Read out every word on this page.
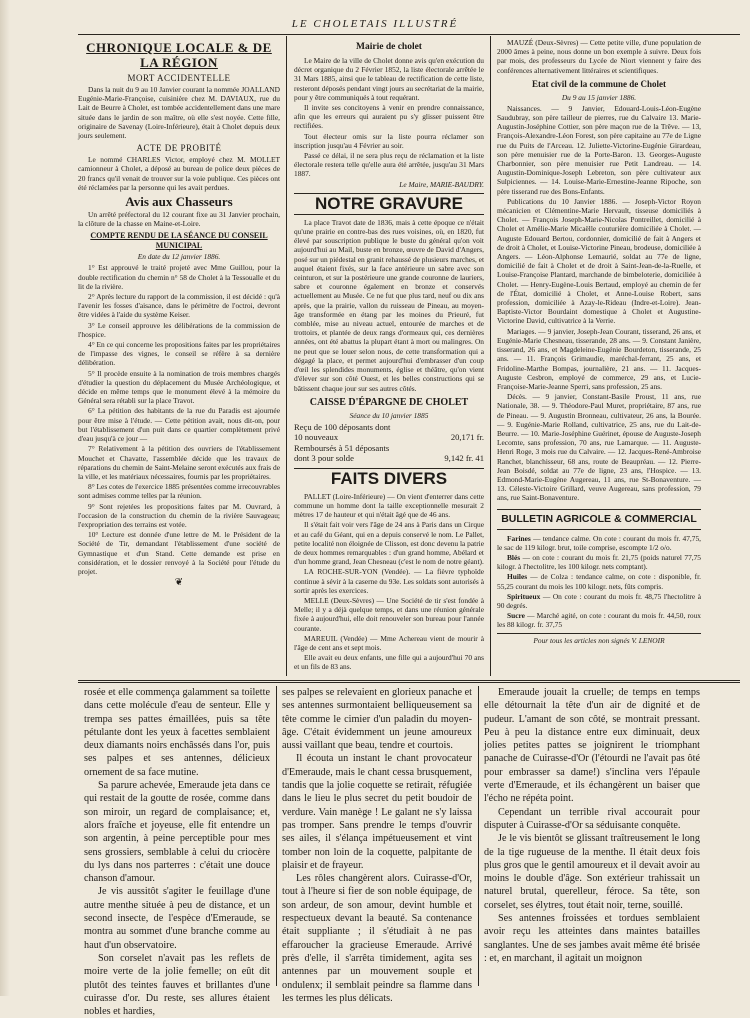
LE CHOLETAIS ILLUSTRÉ
CHRONIQUE LOCALE & DE LA RÉGION
MORT ACCIDENTELLE

Dans la nuit du 9 au 10 Janvier courant la nommée JOALLAND Eugénie-Marie-Françoise, cuisinière chez M. DAVIAUX, rue du Lait de Beurre à Cholet, est tombée accidentellement dans une mare située dans le jardin de son maître, où elle s'est noyée. Cette fille, originaire de Savenay (Loire-Inférieure), était à Cholet depuis deux jours seulement.

ACTE DE PROBITÉ

Le nommé CHARLES Victor, employé chez M. MOLLET camionneur à Cholet, a déposé au bureau de police deux pièces de 20 francs qu'il venait de trouver sur la voie publique. Ces pièces ont été réclamées par la personne qui les avait perdues.

Avis aux Chasseurs

Un arrêté préfectoral du 12 courant fixe au 31 Janvier prochain, la clôture de la chasse en Maine-et-Loire.

COMPTE RENDU DE LA SÉANCE DU CONSEIL MUNICIPAL
En date du 12 janvier 1886.

1° Est approuvé le traité projeté avec Mme Guillou, pour la double rectification du chemin n° 58 de Cholet à la Tessoualle et du lit de la rivière.

2° Après lecture du rapport de la commission, il est décidé : qu'à l'avenir les fosses d'aisance, dans le périmètre de l'octroi, devront être vidées à l'aide du système Keiser.

3° Le conseil approuve les délibérations de la commission de l'hospice.

4° En ce qui concerne les propositions faites par les propriétaires de l'impasse des vignes, le conseil se réfère à sa dernière délibération.

5° Il procède ensuite à la nomination de trois membres chargés d'étudier la question du déplacement du Musée Archéologique, et décide en même temps que le monument élevé à la mémoire du Général sera rétabli sur la place Travot.

6° La pétition des habitants de la rue du Paradis est ajournée pour être mise à l'étude. — Cette pétition avait, nous dit-on, pour but l'établissement d'un puit dans ce quartier complètement privé d'eau jusqu'à ce jour —

7° Relativement à la pétition des ouvriers de l'établissement Mouchet et Chavatte, l'assemblée décide que les travaux de réparations du chemin de Saint-Melaine seront exécutés aux frais de la ville, et les matériaux nécessaires, fournis par les propriétaires.

8° Les cotes de l'exercice 1885 présentées comme irrecouvrables sont admises comme telles par la réunion.

9° Sont rejetées les propositions faites par M. Ouvrard, à l'occasion de la construction du chemin de la rivière Sauvageau; l'expropriation des terrains est votée.

10° Lecture est donnée d'une lettre de M. le Président de la Société de Tir, demandant l'établissement d'une société de Gymnastique et d'un Stand. Cette demande est prise en considération, et le dossier renvoyé à la Société pour l'étude du projet.

❦
Mairie de cholet

Le Maire de la ville de Cholet donne avis qu'en exécution du décret organique du 2 Février 1852, la liste électorale arrêtée le 31 Mars 1885, ainsi que le tableau de rectification de cette liste, resteront déposés pendant vingt jours au secrétariat de la mairie, pour y être communiqués à tout requérant.

Il invite ses concitoyens à venir en prendre connaissance, afin que les erreurs qui auraient pu s'y glisser puissent être rectifiées.

Tout électeur omis sur la liste pourra réclamer son inscription jusqu'au 4 Février au soir.

Passé ce délai, il ne sera plus reçu de réclamation et la liste électorale restera telle qu'elle aura été arrêtée, jusqu'au 31 Mars 1887.

Le Maire, MARIE-BAUDRY.
NOTRE GRAVURE

La place Travot date de 1836, mais à cette époque ce n'était qu'une prairie en contre-bas des rues voisines, où, en 1820, fut élevé par souscription publique le buste du général qu'on voit aujourd'hui au Mail, buste en bronze, œuvre de David d'Angers, posé sur un piédestal en granit rehaussé de plusieurs marches, et auquel étaient fixés, sur la face antérieure un sabre avec son ceinturon, et sur la postérieure une grande couronne de lauriers, sabre et couronne également en bronze et conservés actuellement au Musée. Ce ne fut que plus tard, neuf ou dix ans après, que la prairie, vallon du ruisseau de Pineau, au moyen-âge transformée en étang par les moines du Prieuré, fut comblée, mise au niveau actuel, entourée de marches et de trottoirs, et plantée de deux rangs d'ormeaux qui, ces dernières années, ont été abattus la plupart étant à mort ou malingres. On ne peut que se louer selon nous, de cette transformation qui a dégagé la place, et permet aujourd'hui d'embrasser d'un coup d'œil les splendides monuments, église et théâtre, qu'on vient d'élever sur son côté Ouest, et les belles constructions qui se bâtissent chaque jour sur ses autres côtés.

CAISSE D'ÉPARGNE DE CHOLET
Séance du 10 janvier 1885
Reçu de 100 déposants dont
10 nouveaux	20,171 fr.
Remboursés à 51 déposants
dont 3 pour solde	9,142 fr. 41
FAITS DIVERS

PALLET (Loire-Inférieure) — On vient d'enterrer dans cette commune un homme dont la taille exceptionnelle mesurait 2 mètres 17 de hauteur et qui n'était âgé que de 46 ans.

Il s'était fait voir vers l'âge de 24 ans à Paris dans un Cirque et au café du Géant, qui en a depuis conservé le nom. Le Pallet, petite localité non éloignée de Clisson, est donc devenu la patrie de deux hommes remarquables : d'un grand homme, Abélard et d'un homme grand, Jean Chesneau (c'est le nom de notre géant).

LA ROCHE-SUR-YON (Vendée). — La fièvre typhoïde continue à sévir à la caserne du 93e. Les soldats sont autorisés à sortir après les exercices.

MELLE (Deux-Sèvres) — Une Société de tir s'est fondée à Melle; il y a déjà quelque temps, et dans une réunion générale fixée à aujourd'hui, elle doit renouveler son bureau pour l'année courante.

MAREUIL (Vendée) — Mme Achereau vient de mourir à l'âge de cent ans et sept mois.

Elle avait eu deux enfants, une fille qui a aujourd'hui 70 ans et un fils de 83 ans.

MAUZÉ (Deux-Sèvres) — Cette petite ville, d'une population de 2000 âmes à peine, nous donne un bon exemple à suivre. Deux fois par mois, des professeurs du Lycée de Niort viennent y faire des conférences alternativement littéraires et scientifiques.

Etat civil de la commune de Cholet
Du 9 au 15 janvier 1886.

Naissances. — 9 Janvier, Edouard-Louis-Léon-Eugène Saudubray, son père tailleur de pierres, rue du Calvaire 13. Marie-Augustin-Joséphine Cottier, son père maçon rue de la Trêve. — 13, François-Alexandre-Léon Forest, son père capitaine au 77e de Ligne rue du Puits de l'Arceau. 12. Juliette-Victorine-Eugénie Girardeau, son père menuisier rue de la Porte-Baron. 13. Georges-Auguste Charbonnier, son père menuisier rue Petit Landreau. — 14. Augustin-Dominique-Joseph Lebreton, son père cultivateur aux Sulpiciennes. — 14. Louise-Marie-Ernestine-Jeanne Ripoche, son père tisserand rue des Bons-Enfants.

Publications du 10 Janvier 1886. — Joseph-Victor Royon mécanicien et Clémentine-Marie Hervault, tisseuse domiciliés à Cholet. — François Joseph-Marie-Nicolas Pontreillet, domicilié à Cholet et Amélie-Marie Micaëlle couturière domiciliée à Cholet. — Auguste Edouard Bertou, cordonnier, domicilié de fait à Angers et de droit à Cholet, et Louise-Victorine Pineau, brodeuse, domiciliée à Angers. — Léon-Alphonse Lemaurié, soldat au 77e de ligne, domicilié de fait à Cholet et de droit à Saint-Jean-de-la-Ruelle, et Louise-Françoise Plantard, marchande de bimbeloterie, domiciliée à Cholet. — Henry-Eugène-Louis Bertaud, employé au chemin de fer de l'État, domicilié à Cholet, et Anne-Louise Robert, sans profession, domiciliée à Azay-le-Rideau (Indre-et-Loire). Jean-Baptiste-Victor Bourdaint domestique à Cholet et Augustine-Victorine David, cultivatrice à la Verrie.

Mariages. — 9 janvier, Joseph-Jean Courant, tisserand, 26 ans, et Eugénie-Marie Chesneau, tisserande, 28 ans. — 9. Constant Janière, tisserand, 26 ans, et Magdeleine-Eugénie Bourdeton, tisserande, 25 ans. — 11. François Grimaudie, maréchal-ferrant, 25 ans, et Fridoline-Marthe Bompas, journalière, 21 ans. — 11. Jacques-Auguste Cesbron, employé de commerce, 29 ans, et Lucie-Françoise-Marie-Jeanne Sperri, sans profession, 25 ans.

Décès. — 9 janvier, Constant-Basile Proust, 11 ans, rue Nationale, 38. — 9. Théodore-Paul Muret, propriétaire, 87 ans, rue de Pineau. — 9. Augustin Bronneau, cultivateur, 26 ans, la Bourée. — 9. Eugénie-Marie Rolland, cultivatrice, 25 ans, rue du Lait-de-Beurre. — 10. Marie-Joséphine Guérinet, épouse de Auguste-Joseph Lecomte, sans profession, 70 ans, rue Lamarque. — 11. Auguste-Henri Roge, 3 mois rue du Calvaire. — 12. Jacques-René-Ambroise Ranchet, blanchisseur, 68 ans, route de Beaupréau. — 12. Pierre-Jean Boisdé, soldat au 77e de ligne, 23 ans, l'Hospice. — 13. Edmond-Marie-Eugène Augereau, 11 ans, rue St-Bonaventure. — 13. Céleste-Victoire Grillard, veuve Augereau, sans profession, 79 ans, rue Saint-Bonaventure.

BULLETIN AGRICOLE & COMMERCIAL

Farines — tendance calme. On cote : courant du mois fr. 47,75, le sac de 119 kilogr. brut, toile comprise, escompte 1/2 o/o.

Blés — on cote : courant du mois fr. 21,75 (poids naturel 77,75 kilogr. à l'hectolitre, les 100 kilogr. nets comptant).

Huiles — de Colza : tendance calme, on cote : disponible, fr. 55,25 courant du mois les 100 kilogr. nets, fûts compris.

Spiritueux — On cote : courant du mois fr. 48,75 l'hectolitre à 90 degrés.

Sucre — Marché agité, on cote : courant du mois fr. 44,50, roux les 88 kilogr. fr. 37,75

Pour tous les articles non signés V. LENOIR

rosée et elle commença galamment sa toilette dans cette molécule d'eau de senteur. Elle y trempa ses pattes émaillées, puis sa tête pétulante dont les yeux à facettes semblaient deux diamants noirs enchâssés dans l'or, puis ses palpes et ses antennes, délicieux ornement de sa face mutine.

Sa parure achevée, Emeraude jeta dans ce qui restait de la goutte de rosée, comme dans son miroir, un regard de complaisance; et, alors fraîche et joyeuse, elle fit entendre un son argentin, à peine perceptible pour mes sens grossiers, semblable à celui du criocère du lys dans nos parterres : c'était une douce chanson d'amour.

Je vis aussitôt s'agiter le feuillage d'une autre menthe située à peu de distance, et un second insecte, de l'espèce d'Emeraude, se montra au sommet d'une branche comme au haut d'un observatoire.

Son corselet n'avait pas les reflets de moire verte de la jolie femelle; on eût dit plutôt des teintes fauves et brillantes d'une cuirasse d'or. Du reste, ses allures étaient nobles et hardies,

ses palpes se relevaient en glorieux panache et ses antennes surmontaient belliqueusement sa tête comme le cimier d'un paladin du moyen-âge. C'était évidemment un jeune amoureux aussi vaillant que beau, tendre et courtois.

Il écouta un instant le chant provocateur d'Emeraude, mais le chant cessa brusquement, tandis que la jolie coquette se retirait, réfugiée dans le lieu le plus secret du petit boudoir de verdure. Vain manège ! Le galant ne s'y laissa pas tromper. Sans prendre le temps d'ouvrir ses ailes, il s'élança impétueusement et vint tomber non loin de la coquette, palpitante de plaisir et de frayeur.

Les rôles changèrent alors. Cuirasse-d'Or, tout à l'heure si fier de son noble équipage, de son ardeur, de son amour, devint humble et respectueux devant la beauté. Sa contenance était suppliante ; il s'étudiait à ne pas effaroucher la gracieuse Emeraude. Arrivé près d'elle, il s'arrêta timidement, agita ses antennes par un mouvement souple et ondulenx; il semblait peindre sa flamme dans les termes les plus délicats.

Emeraude jouait la cruelle; de temps en temps elle détournait la tête d'un air de dignité et de pudeur. L'amant de son côté, se montrait pressant. Peu à peu la distance entre eux diminuait, deux jolies petites pattes se joignirent le triomphant panache de Cuirasse-d'Or (l'étourdi ne l'avait pas ôté pour embrasser sa dame!) s'inclina vers l'épaule verte d'Emeraude, et ils échangèrent un baiser que l'écho ne répéta point.

Cependant un terrible rival accourait pour disputer à Cuirasse-d'Or sa séduisante conquête.

Je le vis bientôt se glissant traîtreusement le long de la tige rugueuse de la menthe. Il était deux fois plus gros que le gentil amoureux et il devait avoir au moins le double d'âge. Son extérieur trahissait un naturel brutal, querelleur, féroce. Sa tête, son corselet, ses élytres, tout était noir, terne, souillé.

Ses antennes froissées et tordues semblaient avoir reçu les atteintes dans maintes batailles sanglantes. Une de ses jambes avait même été brisée : et, en marchant, il agitait un moignon
